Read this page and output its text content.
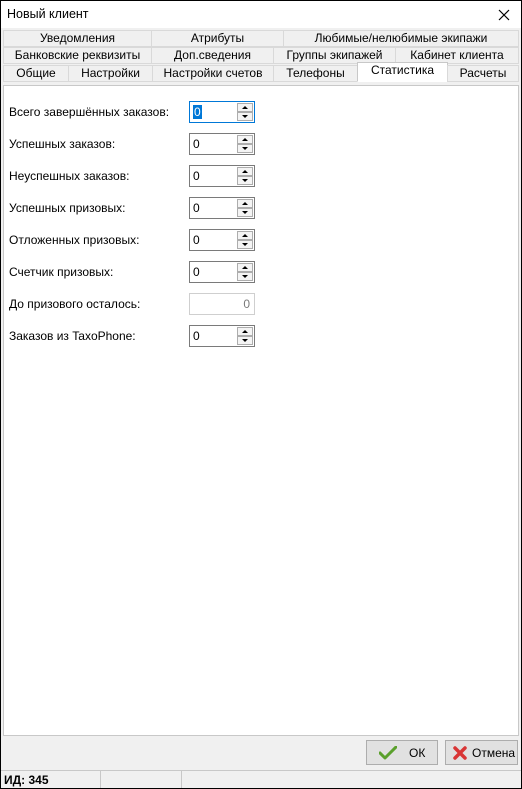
Новый клиент
Уведомления	Атрибуты	Любимые/нелюбимые экипажи
Банковские реквизиты	Доп.сведения	Группы экипажей	Кабинет клиента
Общие	Настройки	Настройки счетов	Телефоны	Статистика	Расчеты
Всего завершённых заказов: 0
Успешных заказов:	0
Неуспешных заказов:	0
Успешных призовых:	0
Отложенных призовых:	0
Счетчик призовых:	0
До призового осталось:	0
Заказов из TaxoPhone:	0
ОК	Отмена
ИД: 345
